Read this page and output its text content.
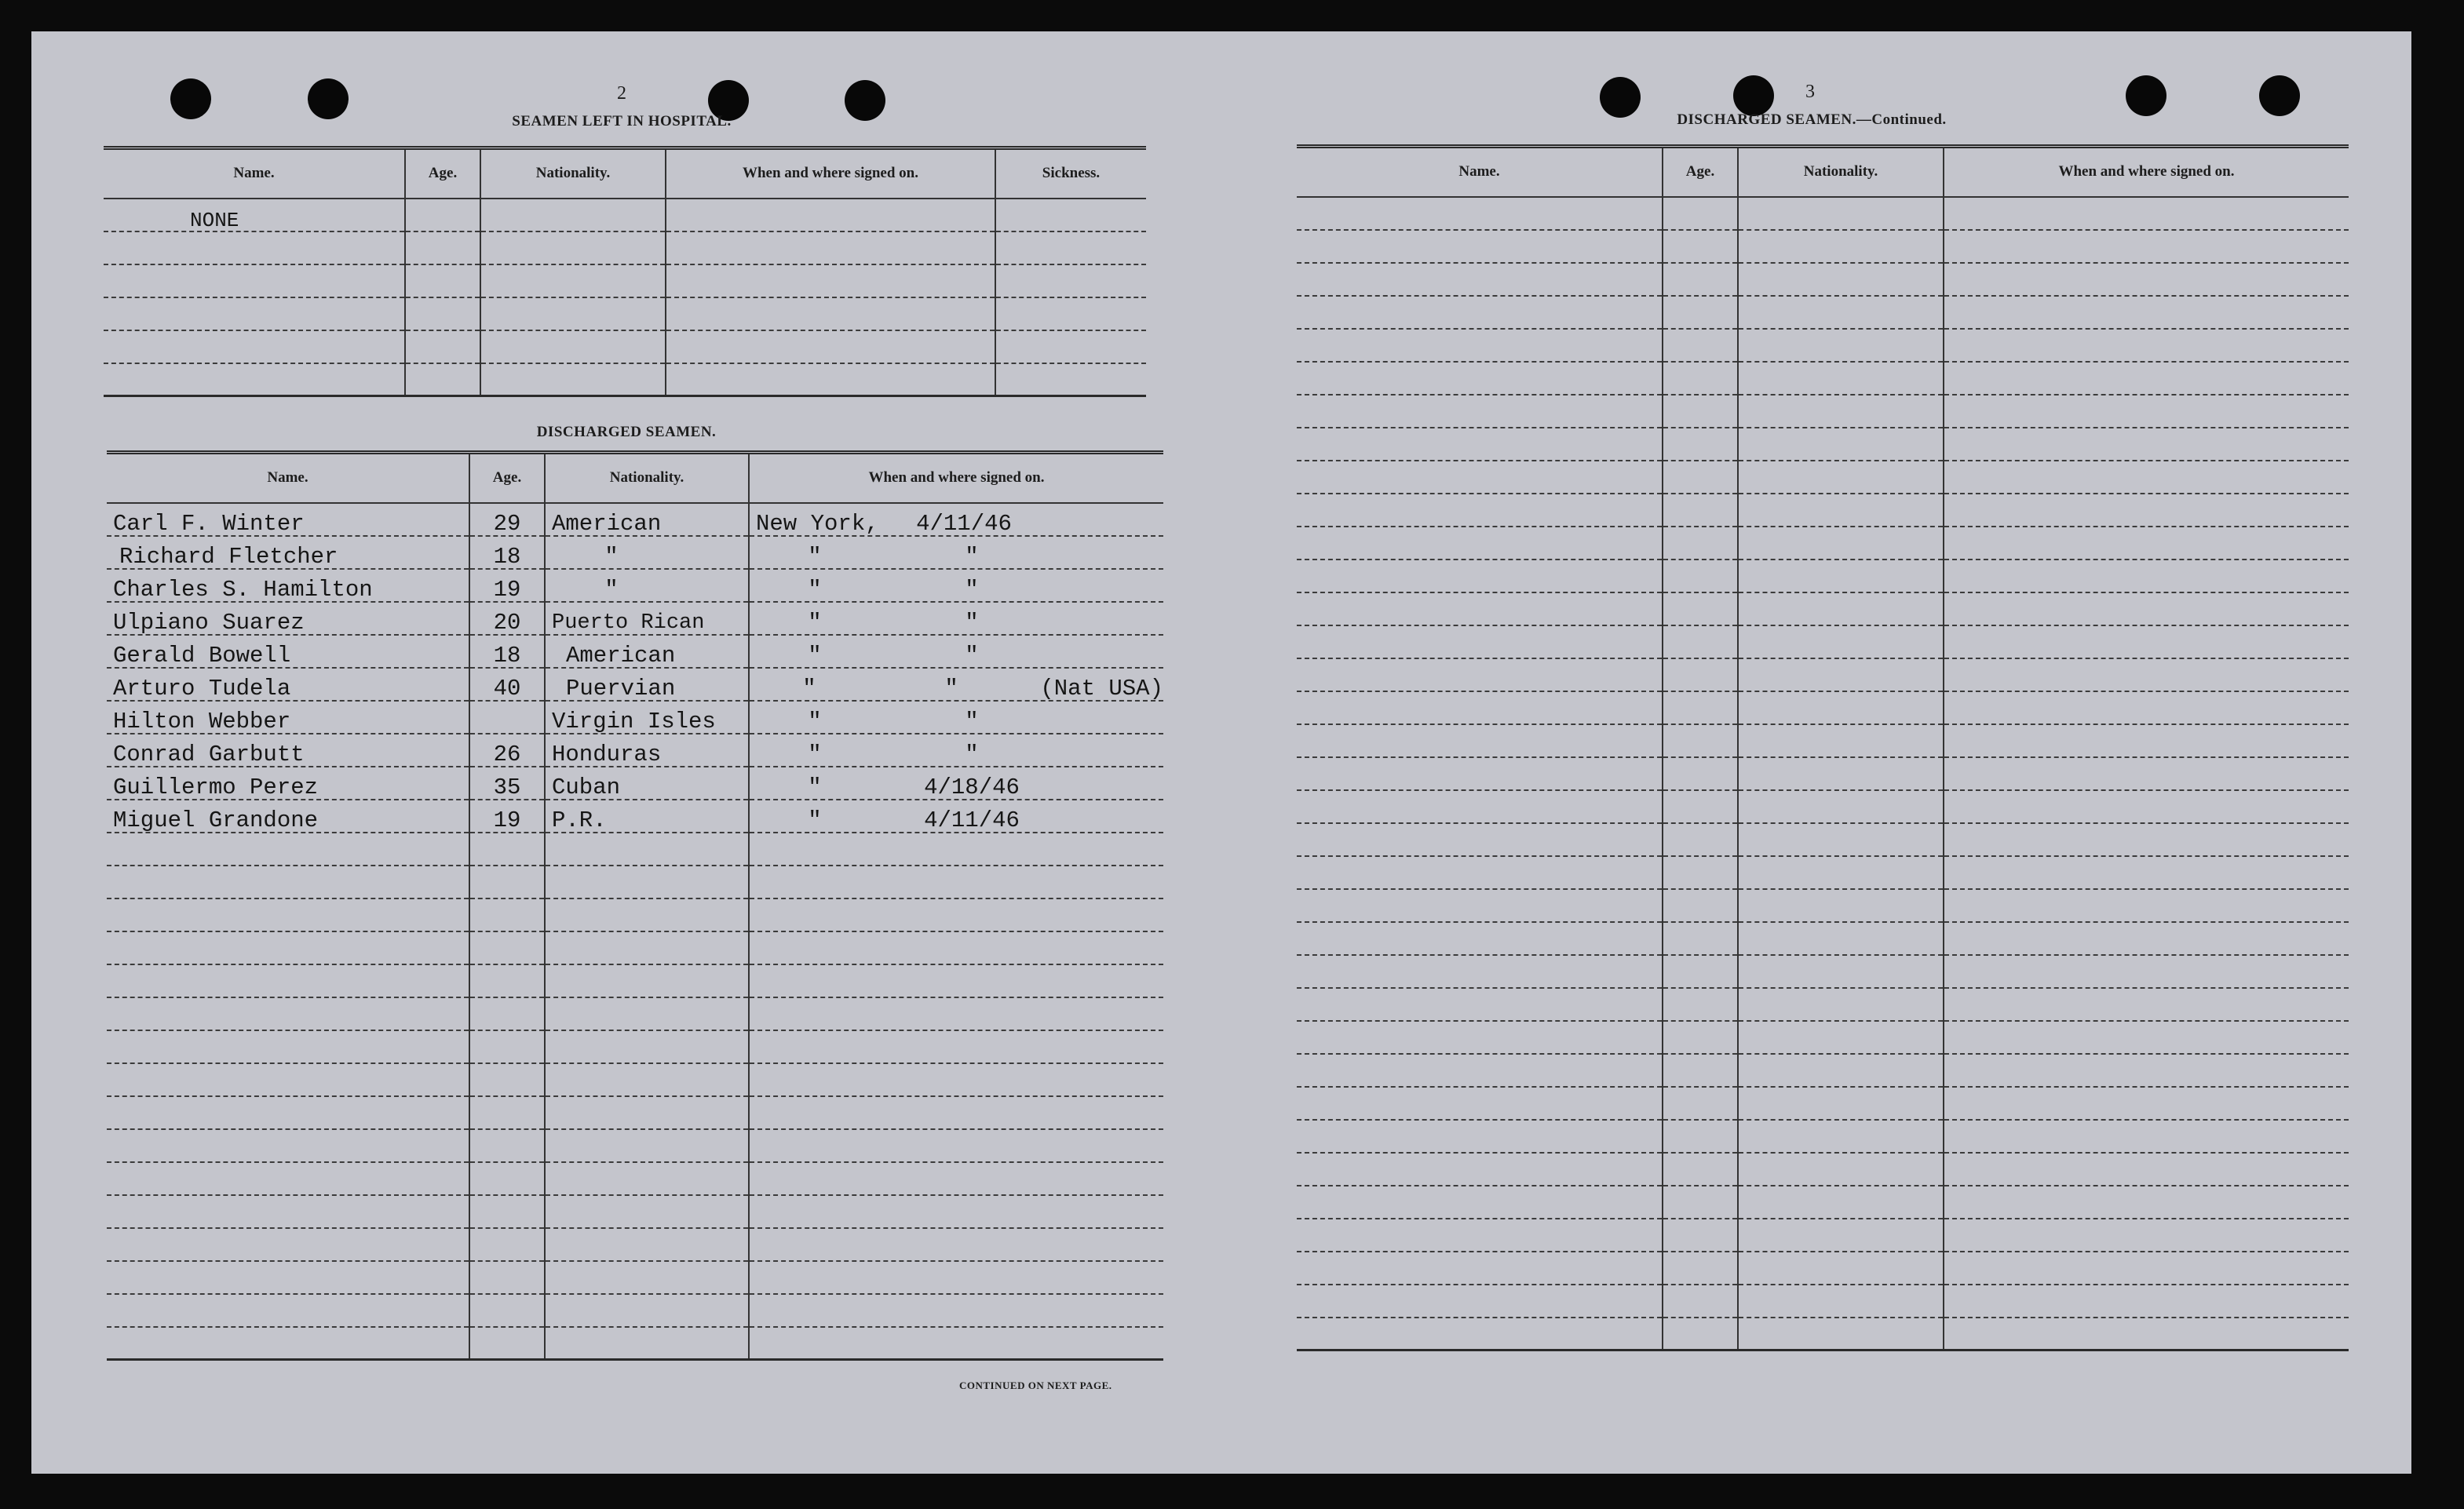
2
SEAMEN LEFT IN HOSPITAL.
Name.	Age.	Nationality.	When and where signed on.	Sickness.
NONE				

DISCHARGED SEAMEN.
Name.	Age.	Nationality.	When and where signed on.
Carl F. Winter	29	American	New York, 4/11/46

Richard Fletcher	18	"	" "

Charles S. Hamilton	19	"	" "

Ulpiano Suarez	20	Puerto Rican	" "

Gerald Bowell	18	American	" "

Arturo Tudela	40	Puervian	" " (Nat USA)

Hilton Webber		Virgin Isles	" "

Conrad Garbutt	26	Honduras	" "

Guillermo Perez	35	Cuban	" 4/18/46

Miguel Grandone	19	P.R.	" 4/11/46

CONTINUED ON NEXT PAGE.
3
DISCHARGED SEAMEN.—Continued.
Name.	Age.	Nationality.	When and where signed on.
